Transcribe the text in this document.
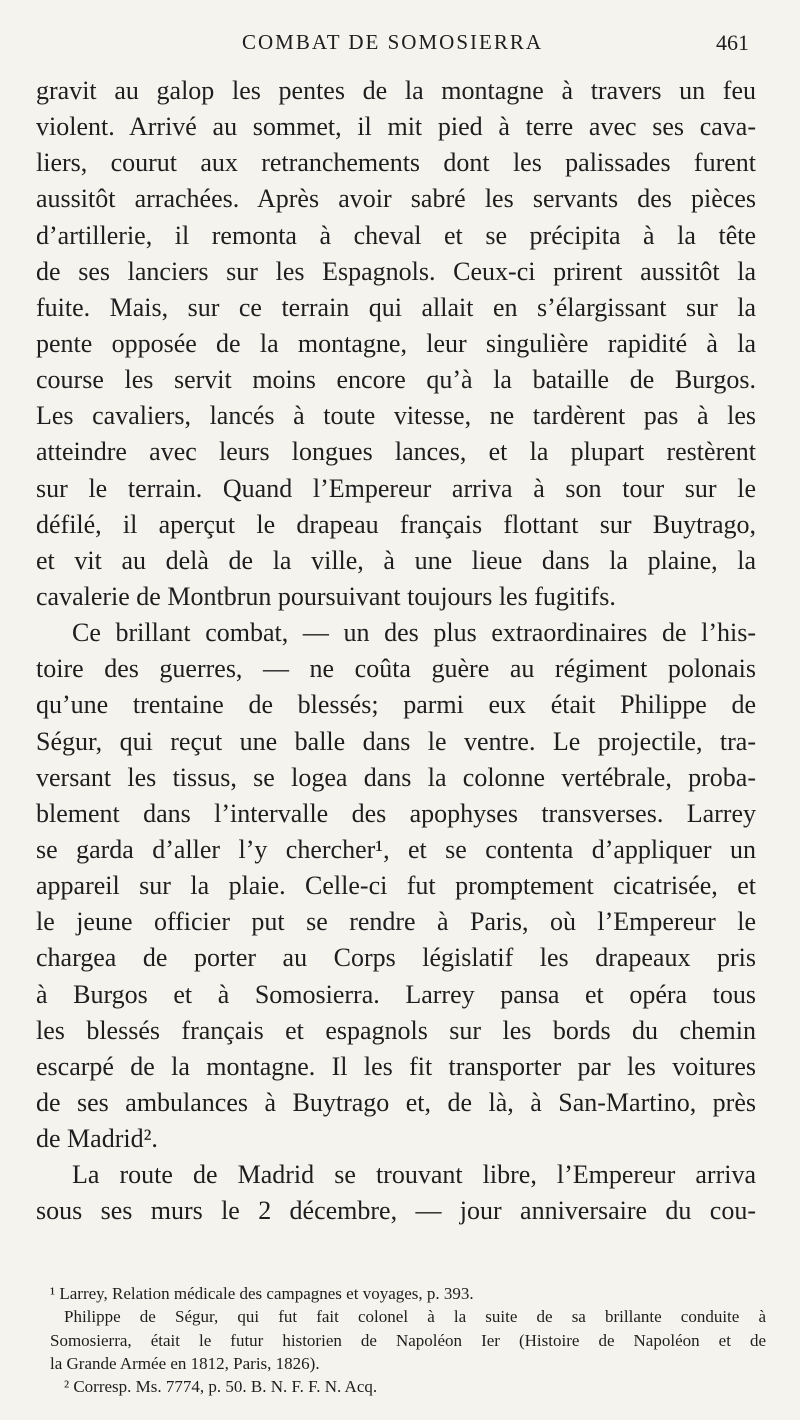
COMBAT DE SOMOSIERRA	461
gravit au galop les pentes de la montagne à travers un feu
violent. Arrivé au sommet, il mit pied à terre avec ses cava-
liers, courut aux retranchements dont les palissades furent
aussitôt arrachées. Après avoir sabré les servants des pièces
d’artillerie, il remonta à cheval et se précipita à la tête
de ses lanciers sur les Espagnols. Ceux-ci prirent aussitôt la
fuite. Mais, sur ce terrain qui allait en s’élargissant sur la
pente opposée de la montagne, leur singulière rapidité à la
course les servit moins encore qu’à la bataille de Burgos.
Les cavaliers, lancés à toute vitesse, ne tardèrent pas à les
atteindre avec leurs longues lances, et la plupart restèrent
sur le terrain. Quand l’Empereur arriva à son tour sur le
défilé, il aperçut le drapeau français flottant sur Buytrago,
et vit au delà de la ville, à une lieue dans la plaine, la
cavalerie de Montbrun poursuivant toujours les fugitifs.
Ce brillant combat, — un des plus extraordinaires de l’his-
toire des guerres, — ne coûta guère au régiment polonais
qu’une trentaine de blessés; parmi eux était Philippe de
Ségur, qui reçut une balle dans le ventre. Le projectile, tra-
versant les tissus, se logea dans la colonne vertébrale, proba-
blement dans l’intervalle des apophyses transverses. Larrey
se garda d’aller l’y chercher¹, et se contenta d’appliquer un
appareil sur la plaie. Celle-ci fut promptement cicatrisée, et
le jeune officier put se rendre à Paris, où l’Empereur le
chargea de porter au Corps législatif les drapeaux pris
à Burgos et à Somosierra. Larrey pansa et opéra tous
les blessés français et espagnols sur les bords du chemin
escarpé de la montagne. Il les fit transporter par les voitures
de ses ambulances à Buytrago et, de là, à San-Martino, près
de Madrid².
La route de Madrid se trouvant libre, l’Empereur arriva
sous ses murs le 2 décembre, — jour anniversaire du cou-
¹ Larrey, Relation médicale des campagnes et voyages, p. 393.
Philippe de Ségur, qui fut fait colonel à la suite de sa brillante conduite à
Somosierra, était le futur historien de Napoléon Ier (Histoire de Napoléon et de
la Grande Armée en 1812, Paris, 1826).
² Corresp. Ms. 7774, p. 50. B. N. F. F. N. Acq.
